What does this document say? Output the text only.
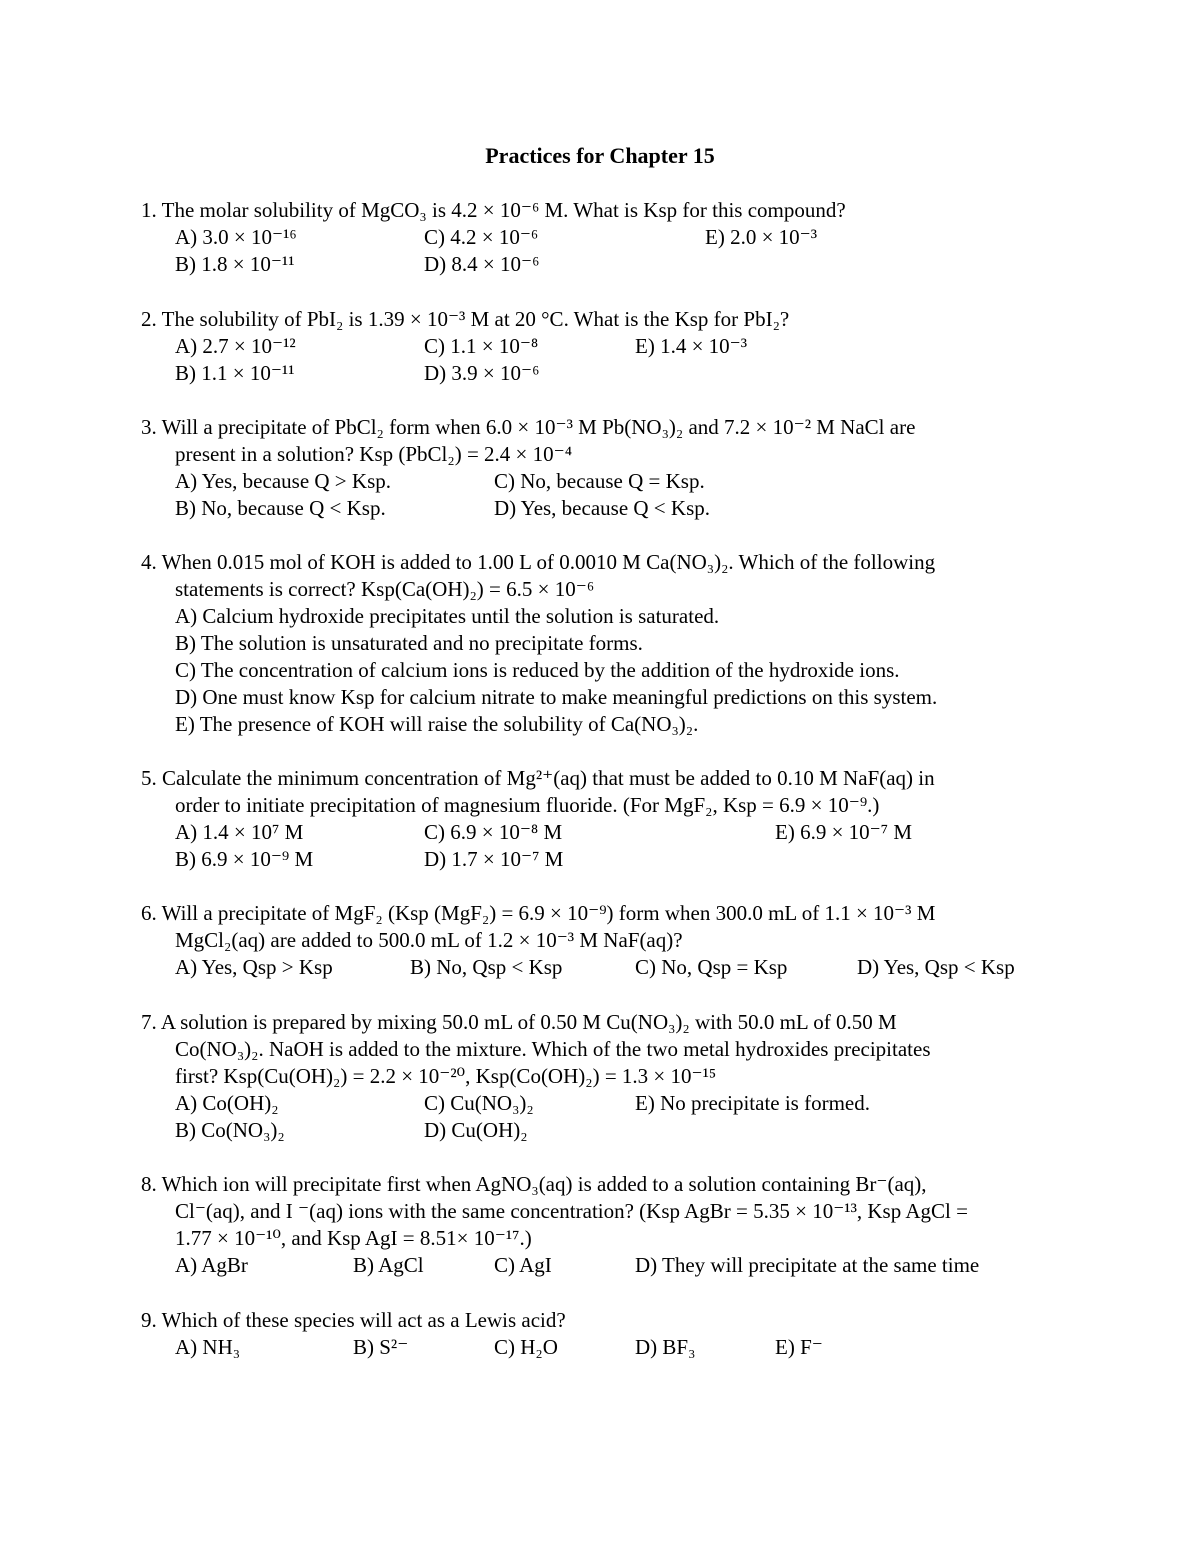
Practices for Chapter 15
1. The molar solubility of MgCO₃ is 4.2 × 10⁻⁶ M. What is Ksp for this compound?
A) 3.0 × 10⁻¹⁶	C) 4.2 × 10⁻⁶	E) 2.0 × 10⁻³
B) 1.8 × 10⁻¹¹	D) 8.4 × 10⁻⁶
2. The solubility of PbI₂ is 1.39 × 10⁻³ M at 20 °C. What is the Ksp for PbI₂?
A) 2.7 × 10⁻¹²	C) 1.1 × 10⁻⁸	E) 1.4 × 10⁻³
B) 1.1 × 10⁻¹¹	D) 3.9 × 10⁻⁶
3. Will a precipitate of PbCl₂ form when 6.0 × 10⁻³ M Pb(NO₃)₂ and 7.2 × 10⁻² M NaCl are
present in a solution? Ksp (PbCl₂) = 2.4 × 10⁻⁴
A) Yes, because Q > Ksp.	C) No, because Q = Ksp.
B) No, because Q < Ksp.	D) Yes, because Q < Ksp.
4. When 0.015 mol of KOH is added to 1.00 L of 0.0010 M Ca(NO₃)₂. Which of the following
statements is correct? Ksp(Ca(OH)₂) = 6.5 × 10⁻⁶
A) Calcium hydroxide precipitates until the solution is saturated.
B) The solution is unsaturated and no precipitate forms.
C) The concentration of calcium ions is reduced by the addition of the hydroxide ions.
D) One must know Ksp for calcium nitrate to make meaningful predictions on this system.
E) The presence of KOH will raise the solubility of Ca(NO₃)₂.
5. Calculate the minimum concentration of Mg²⁺(aq) that must be added to 0.10 M NaF(aq) in
order to initiate precipitation of magnesium fluoride. (For MgF₂, Ksp = 6.9 × 10⁻⁹.)
A) 1.4 × 10⁷ M	C) 6.9 × 10⁻⁸ M	E) 6.9 × 10⁻⁷ M
B) 6.9 × 10⁻⁹ M	D) 1.7 × 10⁻⁷ M
6. Will a precipitate of MgF₂ (Ksp (MgF₂) = 6.9 × 10⁻⁹) form when 300.0 mL of 1.1 × 10⁻³ M
MgCl₂(aq) are added to 500.0 mL of 1.2 × 10⁻³ M NaF(aq)?
A) Yes, Qsp > Ksp	B) No, Qsp < Ksp	C) No, Qsp = Ksp	D) Yes, Qsp < Ksp
7. A solution is prepared by mixing 50.0 mL of 0.50 M Cu(NO₃)₂ with 50.0 mL of 0.50 M
Co(NO₃)₂. NaOH is added to the mixture. Which of the two metal hydroxides precipitates
first? Ksp(Cu(OH)₂) = 2.2 × 10⁻²⁰, Ksp(Co(OH)₂) = 1.3 × 10⁻¹⁵
A) Co(OH)₂	C) Cu(NO₃)₂	E) No precipitate is formed.
B) Co(NO₃)₂	D) Cu(OH)₂
8. Which ion will precipitate first when AgNO₃(aq) is added to a solution containing Br⁻(aq),
Cl⁻(aq), and I ⁻(aq) ions with the same concentration? (Ksp AgBr = 5.35 × 10⁻¹³, Ksp AgCl =
1.77 × 10⁻¹⁰, and Ksp AgI = 8.51× 10⁻¹⁷.)
A) AgBr	B) AgCl	C) AgI	D) They will precipitate at the same time
9. Which of these species will act as a Lewis acid?
A) NH₃	B) S²⁻	C) H₂O	D) BF₃	E) F⁻
